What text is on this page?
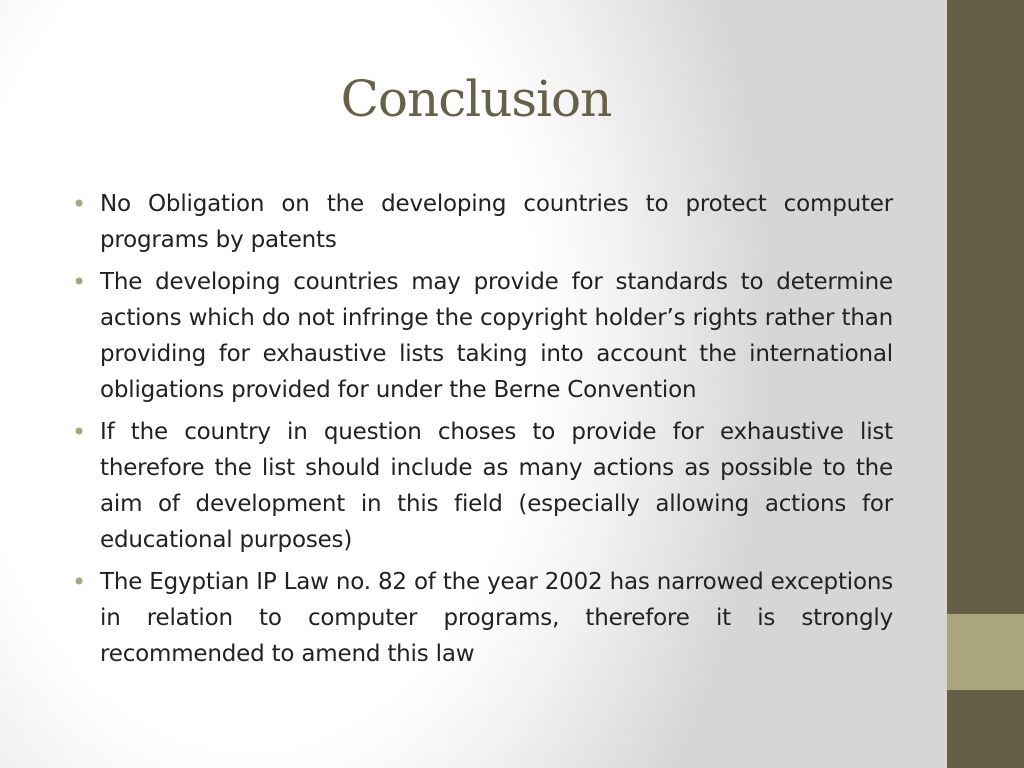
Conclusion
• No Obligation on the developing countries to protect computer programs by patents
• The developing countries may provide for standards to determine actions which do not infringe the copyright holder’s rights rather than providing for exhaustive lists taking into account the international obligations provided for under the Berne Convention
• If the country in question choses to provide for exhaustive list therefore the list should include as many actions as possible to the aim of development in this field (especially allowing actions for educational purposes)
• The Egyptian IP Law no. 82 of the year 2002 has narrowed exceptions in relation to computer programs, therefore it is strongly recommended to amend this law
